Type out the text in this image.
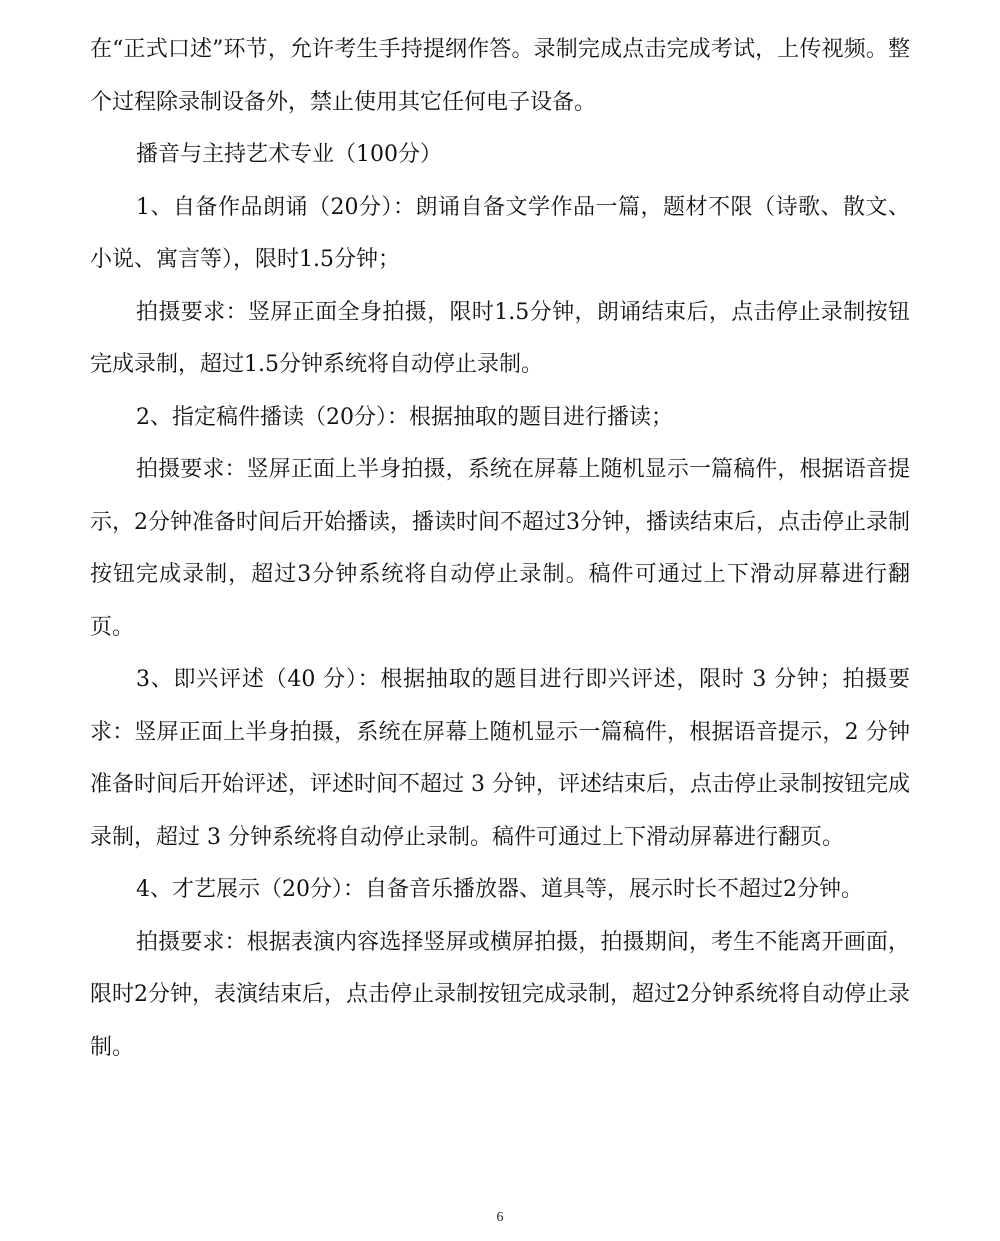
在“正式口述”环节，允许考生手持提纲作答。录制完成点击完成考试，上传视频。整个过程除录制设备外，禁止使用其它任何电子设备。

播音与主持艺术专业（100分）

1、自备作品朗诵（20分）：朗诵自备文学作品一篇，题材不限（诗歌、散文、小说、寓言等），限时1.5分钟；

拍摄要求：竖屏正面全身拍摄，限时1.5分钟，朗诵结束后，点击停止录制按钮完成录制，超过1.5分钟系统将自动停止录制。

2、指定稿件播读（20分）：根据抽取的题目进行播读；

拍摄要求：竖屏正面上半身拍摄，系统在屏幕上随机显示一篇稿件，根据语音提示，2分钟准备时间后开始播读，播读时间不超过3分钟，播读结束后，点击停止录制按钮完成录制，超过3分钟系统将自动停止录制。稿件可通过上下滑动屏幕进行翻页。

3、即兴评述（40 分）：根据抽取的题目进行即兴评述，限时 3 分钟；拍摄要求：竖屏正面上半身拍摄，系统在屏幕上随机显示一篇稿件，根据语音提示，2 分钟准备时间后开始评述，评述时间不超过 3 分钟，评述结束后，点击停止录制按钮完成录制，超过 3 分钟系统将自动停止录制。稿件可通过上下滑动屏幕进行翻页。

4、才艺展示（20分）：自备音乐播放器、道具等，展示时长不超过2分钟。

拍摄要求：根据表演内容选择竖屏或横屏拍摄，拍摄期间，考生不能离开画面，限时2分钟，表演结束后，点击停止录制按钮完成录制，超过2分钟系统将自动停止录制。

6
